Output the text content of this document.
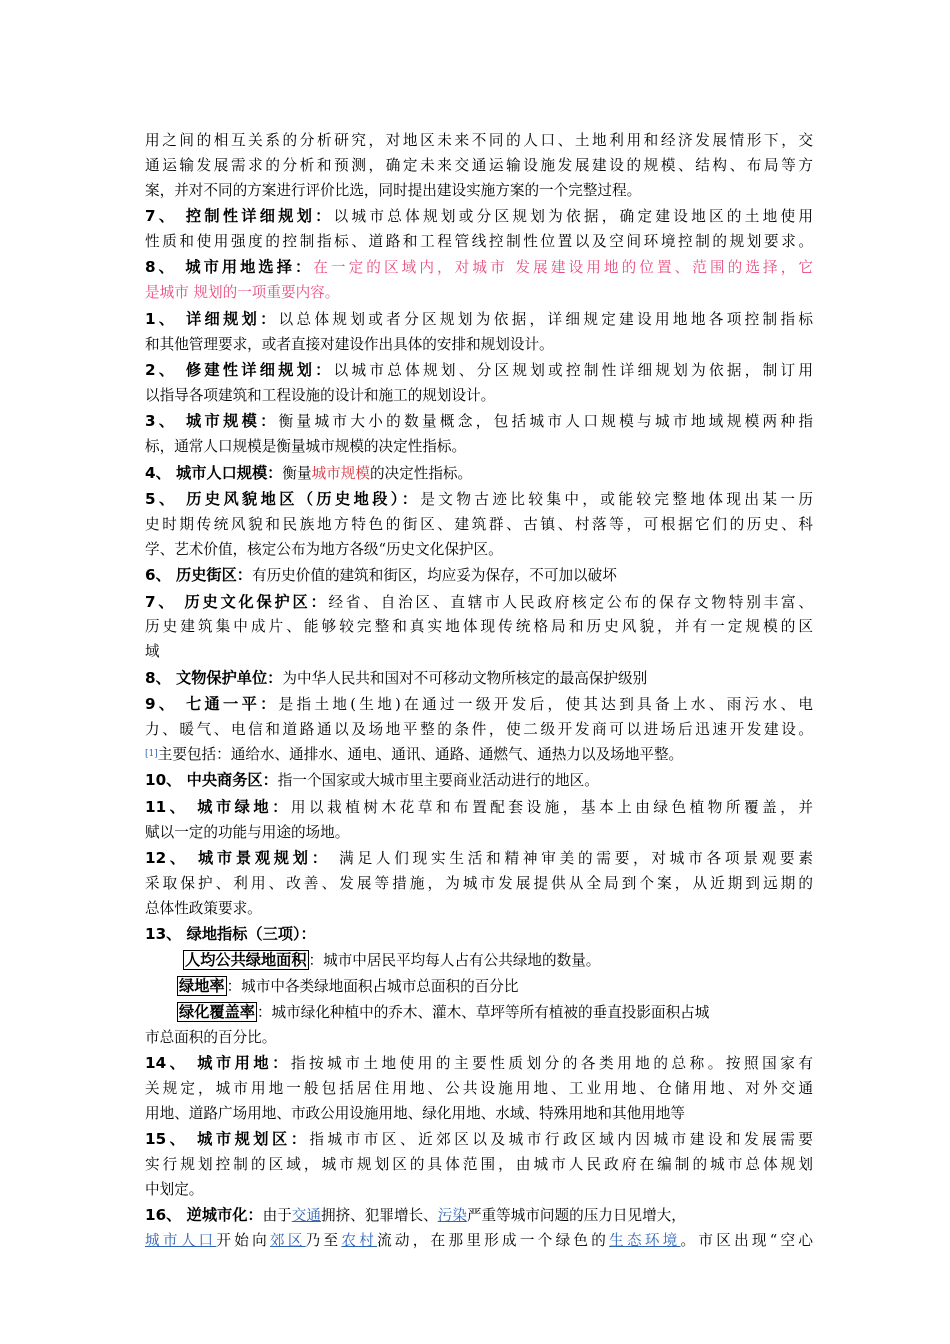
用之间的相互关系的分析研究，对地区未来不同的人口、土地利用和经济发展情形下，交
通运输发展需求的分析和预测，确定未来交通运输设施发展建设的规模、结构、布局等方
案，并对不同的方案进行评价比选，同时提出建设实施方案的一个完整过程。
7、 控制性详细规划：以城市总体规划或分区规划为依据，确定建设地区的土地使用
性质和使用强度的控制指标、道路和工程管线控制性位置以及空间环境控制的规划要求。
8、 城市用地选择：在一定的区域内，对城市 发展建设用地的位置、范围的选择，它
是城市 规划的一项重要内容。
1、 详细规划：以总体规划或者分区规划为依据，详细规定建设用地地各项控制指标
和其他管理要求，或者直接对建设作出具体的安排和规划设计。
2、 修建性详细规划：以城市总体规划、分区规划或控制性详细规划为依据，制订用
以指导各项建筑和工程设施的设计和施工的规划设计。
3、 城市规模：衡量城市大小的数量概念，包括城市人口规模与城市地域规模两种指
标，通常人口规模是衡量城市规模的决定性指标。
4、 城市人口规模：衡量城市规模的决定性指标。
5、 历史风貌地区（历史地段）：是文物古迹比较集中，或能较完整地体现出某一历
史时期传统风貌和民族地方特色的街区、建筑群、古镇、村落等，可根据它们的历史、科
学、艺术价值，核定公布为地方各级“历史文化保护区。
6、 历史街区：有历史价值的建筑和街区，均应妥为保存，不可加以破坏
7、 历史文化保护区：经省、自治区、直辖市人民政府核定公布的保存文物特别丰富、
历史建筑集中成片、能够较完整和真实地体现传统格局和历史风貌，并有一定规模的区
域
8、 文物保护单位：为中华人民共和国对不可移动文物所核定的最高保护级别
9、 七通一平：是指土地(生地)在通过一级开发后，使其达到具备上水、雨污水、电
力、暖气、电信和道路通以及场地平整的条件，使二级开发商可以进场后迅速开发建设。
[1]主要包括：通给水、通排水、通电、通讯、通路、通燃气、通热力以及场地平整。
10、 中央商务区：指一个国家或大城市里主要商业活动进行的地区。
11、 城市绿地：用以栽植树木花草和布置配套设施，基本上由绿色植物所覆盖，并
赋以一定的功能与用途的场地。
12、 城市景观规划： 满足人们现实生活和精神审美的需要，对城市各项景观要素
采取保护、利用、改善、发展等措施，为城市发展提供从全局到个案，从近期到远期的
总体性政策要求。
13、 绿地指标（三项）：
人均公共绿地面积 ：城市中居民平均每人占有公共绿地的数量。
绿地率 ：城市中各类绿地面积占城市总面积的百分比
绿化覆盖率 ：城市绿化种植中的乔木、灌木、草坪等所有植被的垂直投影面积占城
市总面积的百分比。
14、 城市用地：指按城市土地使用的主要性质划分的各类用地的总称。按照国家有
关规定，城市用地一般包括居住用地、公共设施用地、工业用地、仓储用地、对外交通
用地、道路广场用地、市政公用设施用地、绿化用地、水域、特殊用地和其他用地等
15、 城市规划区：指城市市区、近郊区以及城市行政区域内因城市建设和发展需要
实行规划控制的区域，城市规划区的具体范围，由城市人民政府在编制的城市总体规划
中划定。
16、 逆城市化：由于交通拥挤、犯罪增长、污染严重等城市问题的压力日见增大，
城市人口开始向郊区乃至农村流动，在那里形成一个绿色的生态环境。市区出现“空心
